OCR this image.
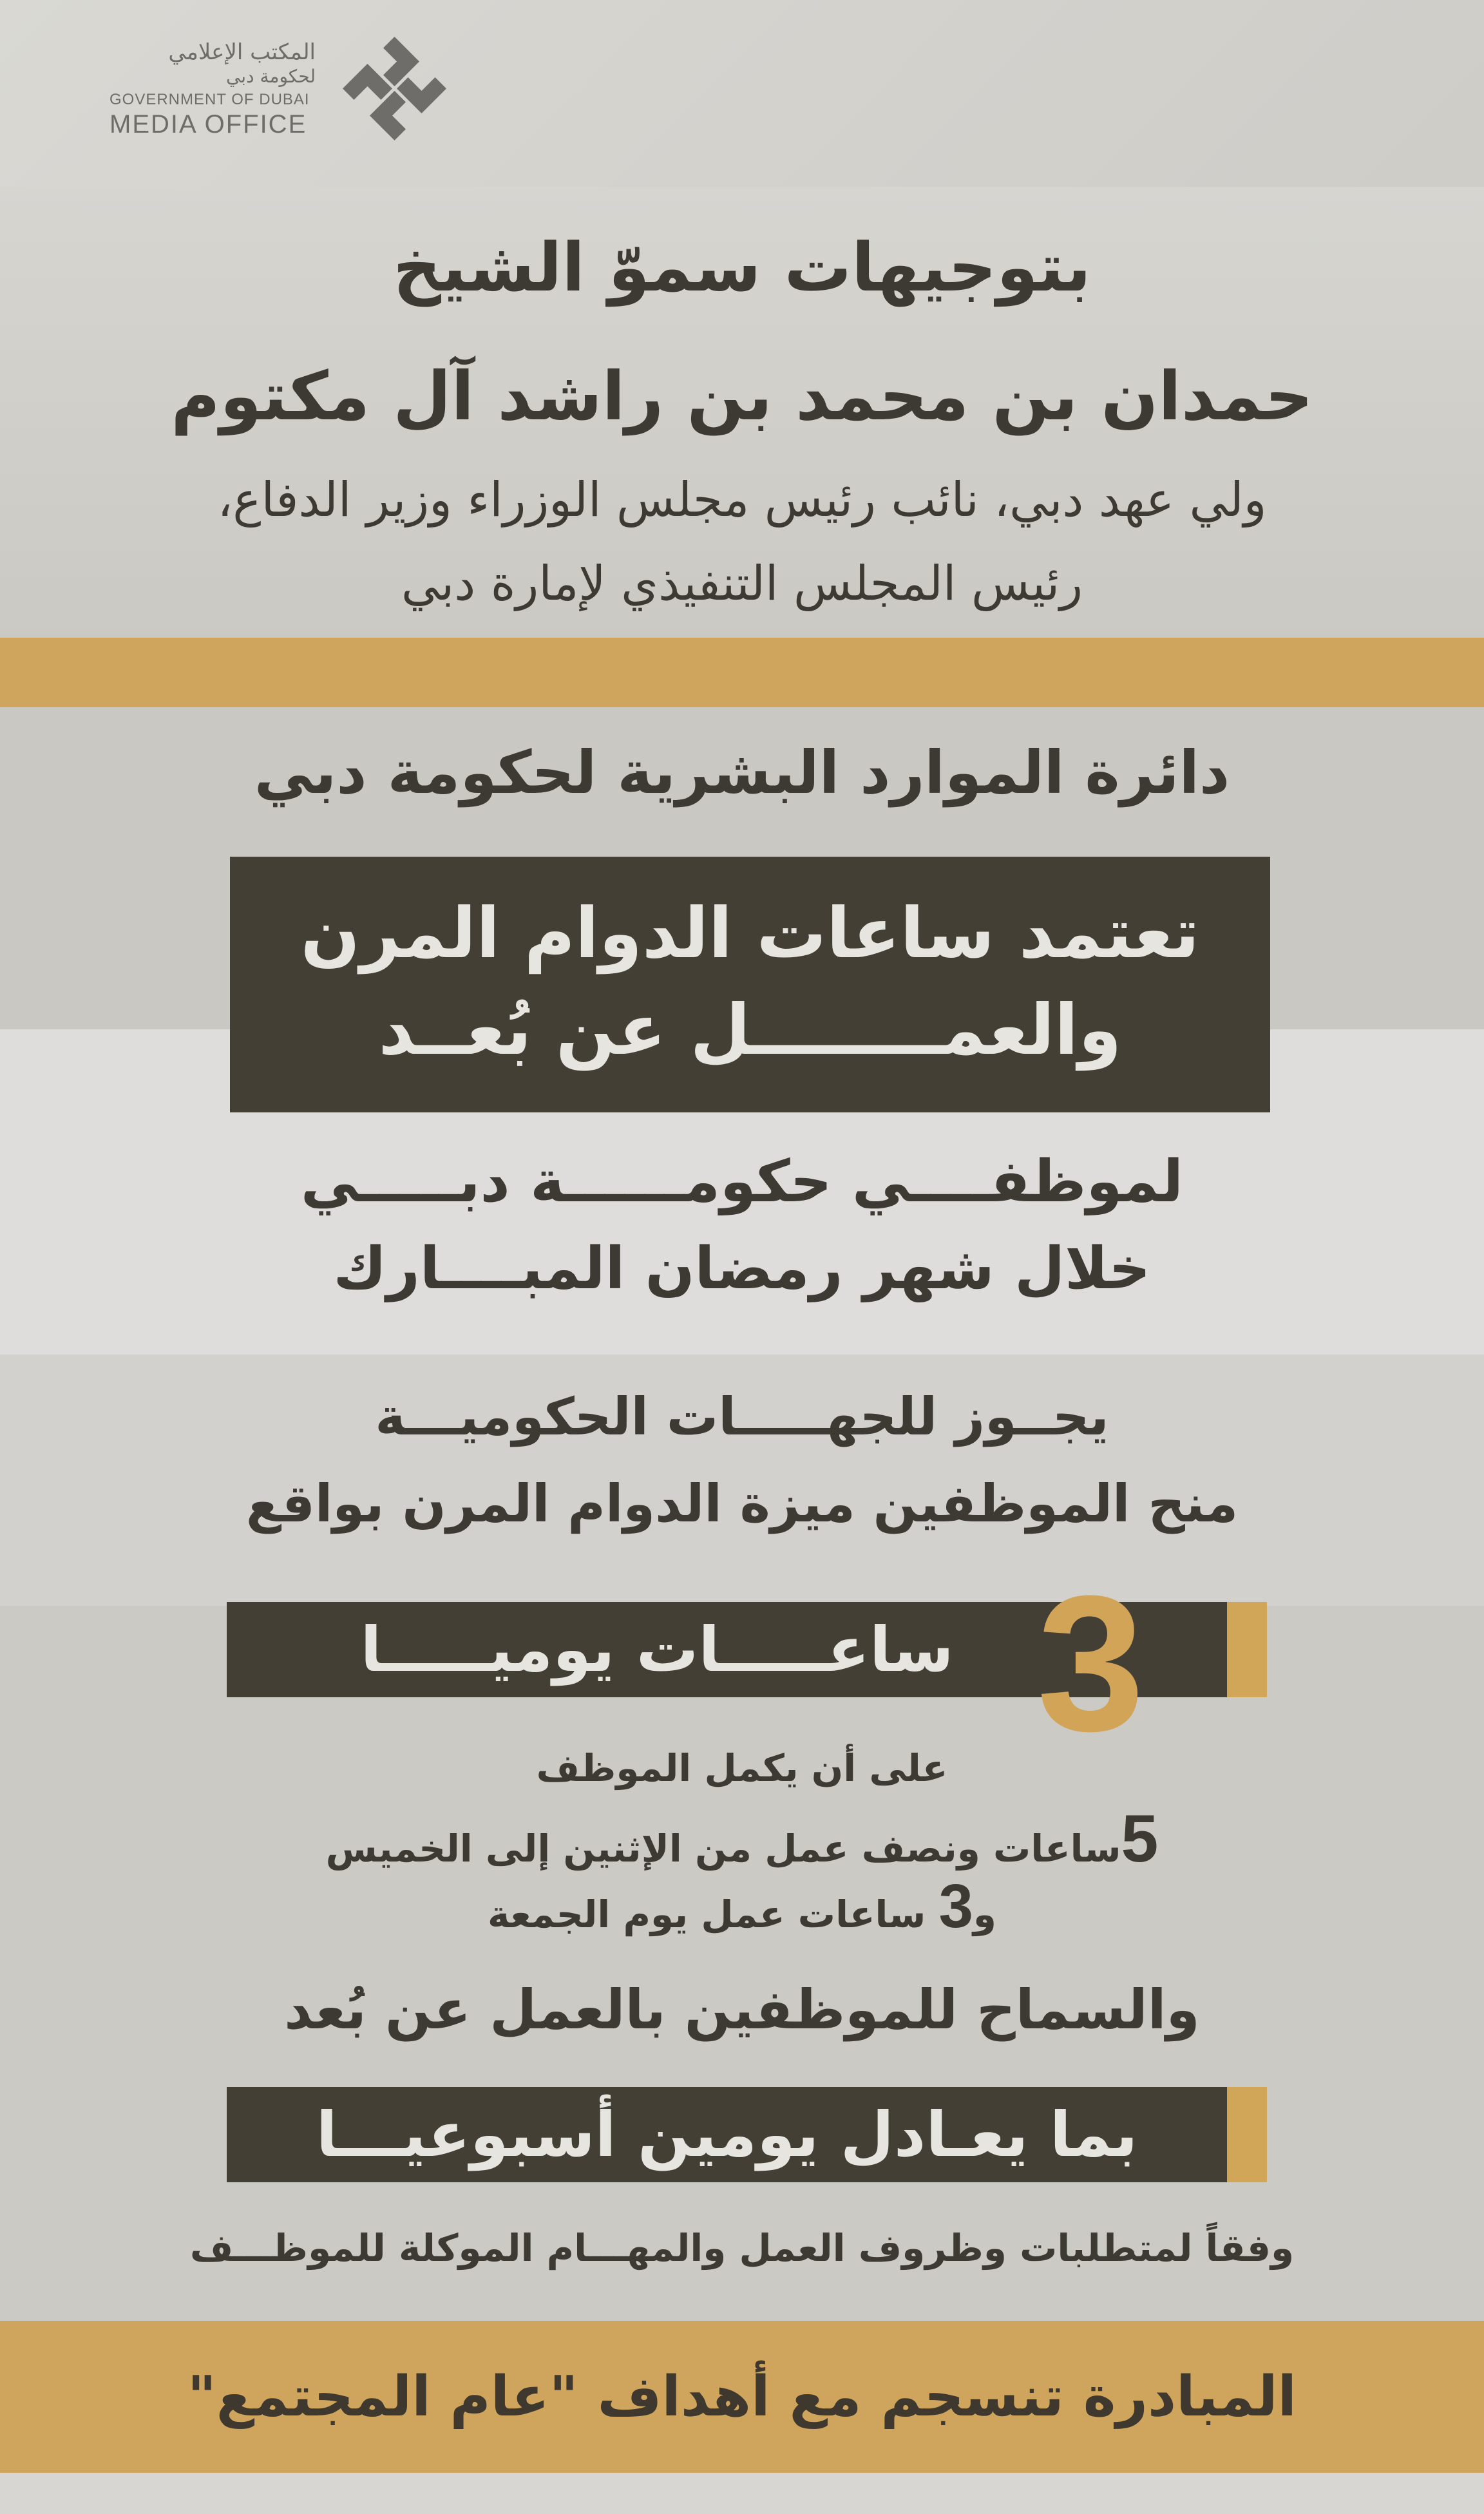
المكتب الإعلامي
لحكومة دبي
GOVERNMENT OF DUBAI
MEDIA OFFICE
بتوجيهات سموّ الشيخ
حمدان بن محمد بن راشد آل مكتوم
ولي عهد دبي، نائب رئيس مجلس الوزراء وزير الدفاع،
رئيس المجلس التنفيذي لإمارة دبي
دائرة الموارد البشرية لحكومة دبي
تعتمد ساعات الدوام المرن
والعمــــــــل عن بُعــد
لموظفــــي حكومــــــة دبـــــي
خلال شهر رمضان المبــــارك
يجــوز للجهـــــات الحكوميـــة
منح الموظفين ميزة الدوام المرن بواقع
ساعـــــات يوميـــــا 3
على أن يكمل الموظف
5ساعات ونصف عمل من الإثنين إلى الخميس
و3 ساعات عمل يوم الجمعة
والسماح للموظفين بالعمل عن بُعد
بما يعـادل يومين أسبوعيـــا
وفقاً لمتطلبات وظروف العمل والمهـــام الموكلة للموظـــف
المبادرة تنسجم مع أهداف "عام المجتمع"
